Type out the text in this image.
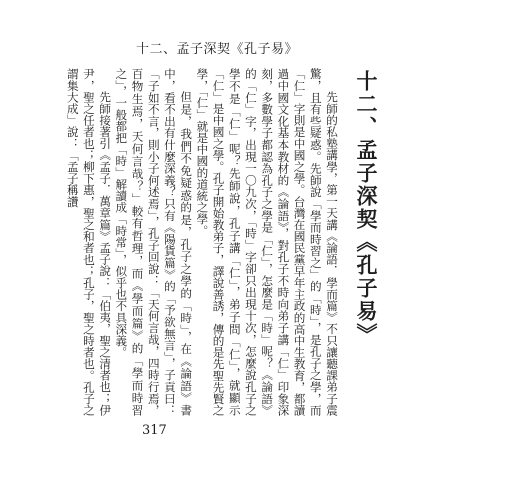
十二、孟子深契《孔子易》
十二、孟子深契《孔子易》

先師的私塾講學，第一天講《論語．學而篇》不只讓聽課弟子震驚，且有些疑惑。先師說「學而時習之」的「時」，是孔子之學，而「仁」字則是中國之學。台灣在國民黨早年主政的高中生教育，都讀過中國文化基本教材的《論語》，對孔子不時向弟子講「仁」印象深刻，多數學子都認為孔子之學是「仁」，怎麼是「時」呢？《論語》的「仁」字，出現一〇九次，「時」字卻只出現十次，怎麼說孔子之學不是「仁」呢？先師說，孔子講「仁」，弟子問「仁」，就顯示「仁」是中國之學。孔子開始教弟子，譯說善誘，傳的是先聖先賢之學，「仁」就是中國的道統之學。

但是，我們不免疑惑的是，孔子之學的「時」，在《論語》書中，看不出有什麼深義？只有《陽貨篇》的「予欲無言」，子貢曰：「子如不言，則小子何述焉」，孔子回說：「天何言哉，四時行焉，百物生焉，天何言哉？」較有哲理，而《學而篇》的「學而時習之」，一般都把「時」解讀成「時常」，似乎也不具深義。

先師接著引《孟子．萬章篇》孟子說：「伯夷，聖之清者也；伊尹，聖之任者也；柳下惠，聖之和者也；孔子，聖之時者也。孔子之謂集大成」說：「孟子稱讚

317
